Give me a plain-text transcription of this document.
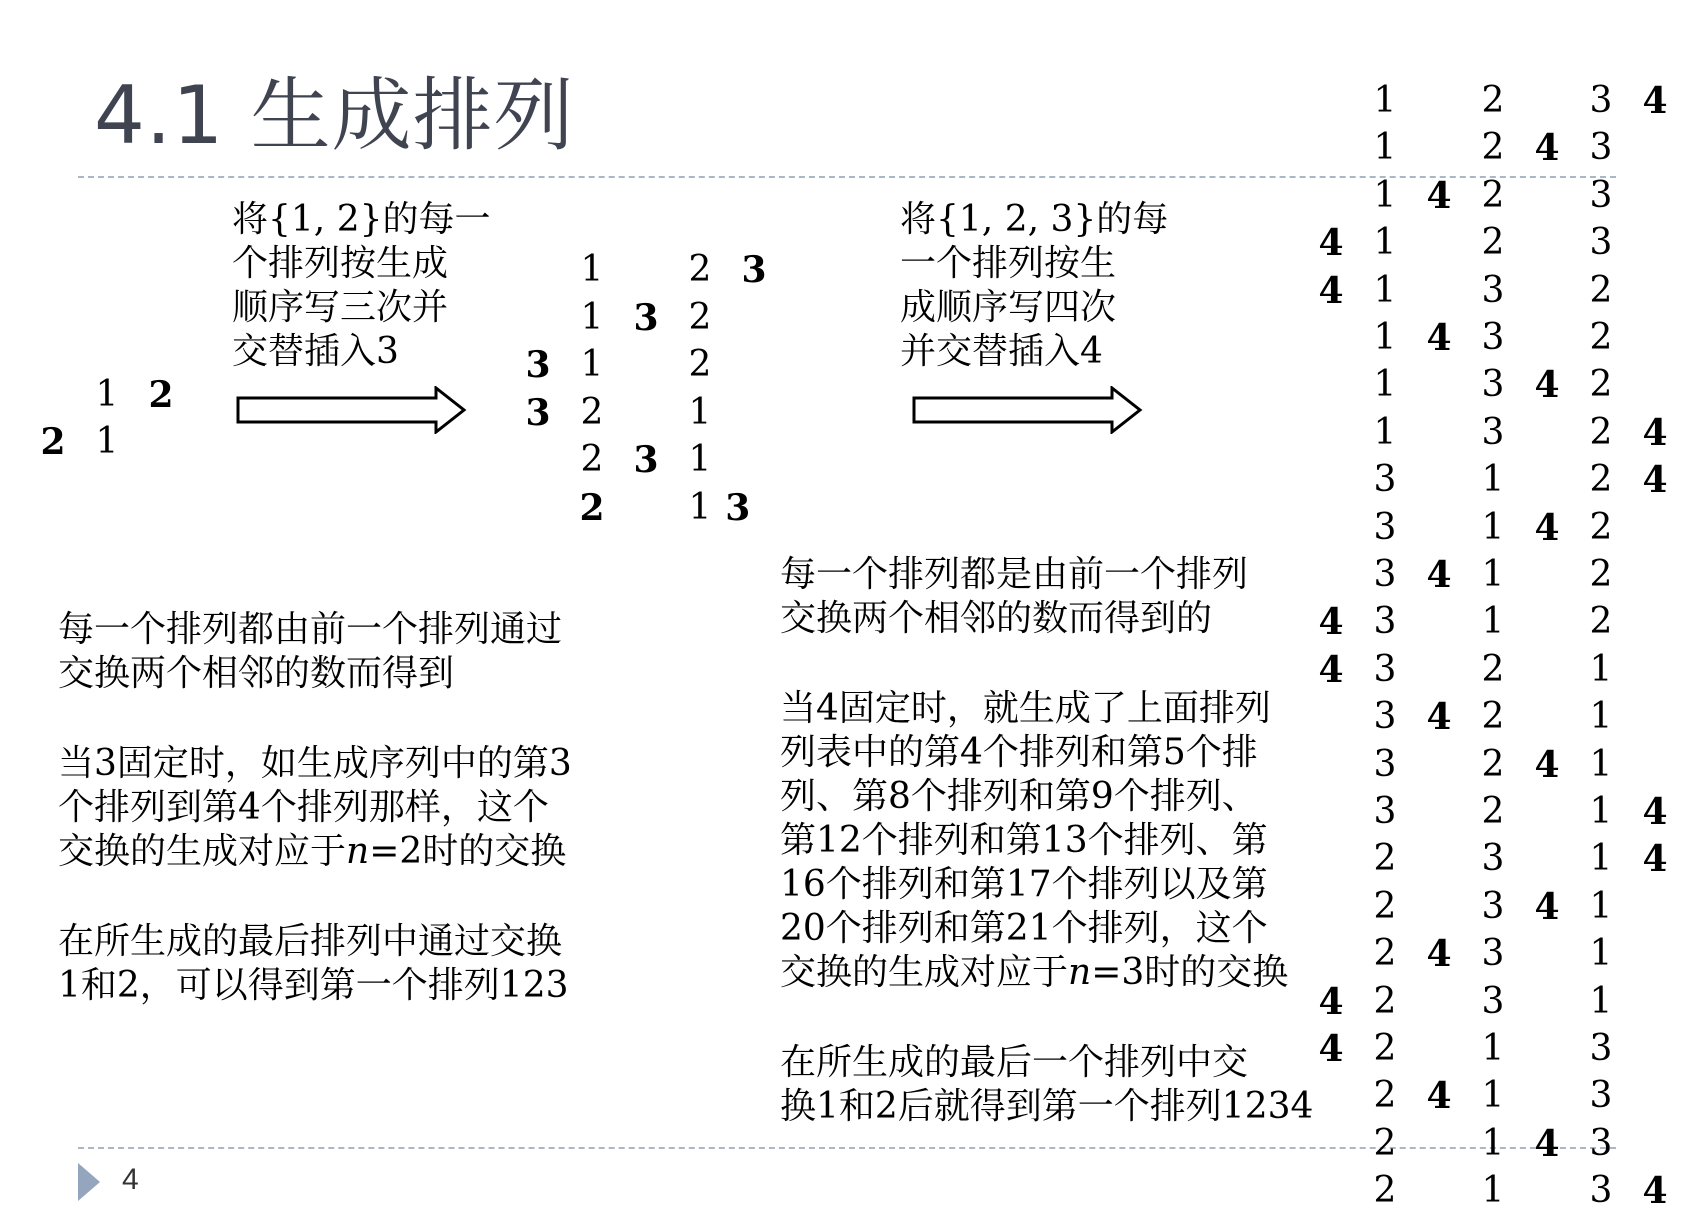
4.1 生成排列
1 2
2 1
将{1, 2}的每一
个排列按生成
顺序写三次并
交替插入3
1 2 3
1 3 2
3 1 2
3 2 1
2 3 1
2 1 3
将{1, 2, 3}的每
一个排列按生
成顺序写四次
并交替插入4
1 2 3 4
1 2 4 3
1 4 2 3
4 1 2 3
4 1 3 2
1 4 3 2
1 3 4 2
1 3 2 4
3 1 2 4
3 1 4 2
3 4 1 2
4 3 1 2
4 3 2 1
3 4 2 1
3 2 4 1
3 2 1 4
2 3 1 4
2 3 4 1
2 4 3 1
4 2 3 1
4 2 1 3
2 4 1 3
2 1 4 3
2 1 3 4
每一个排列都由前一个排列通过
交换两个相邻的数而得到
当3固定时，如生成序列中的第3
个排列到第4个排列那样，这个
交换的生成对应于n=2时的交换
在所生成的最后排列中通过交换
1和2，可以得到第一个排列123
每一个排列都是由前一个排列
交换两个相邻的数而得到的
当4固定时，就生成了上面排列
列表中的第4个排列和第5个排
列、第8个排列和第9个排列、
第12个排列和第13个排列、第
16个排列和第17个排列以及第
20个排列和第21个排列，这个
交换的生成对应于n=3时的交换
在所生成的最后一个排列中交
换1和2后就得到第一个排列1234
4
